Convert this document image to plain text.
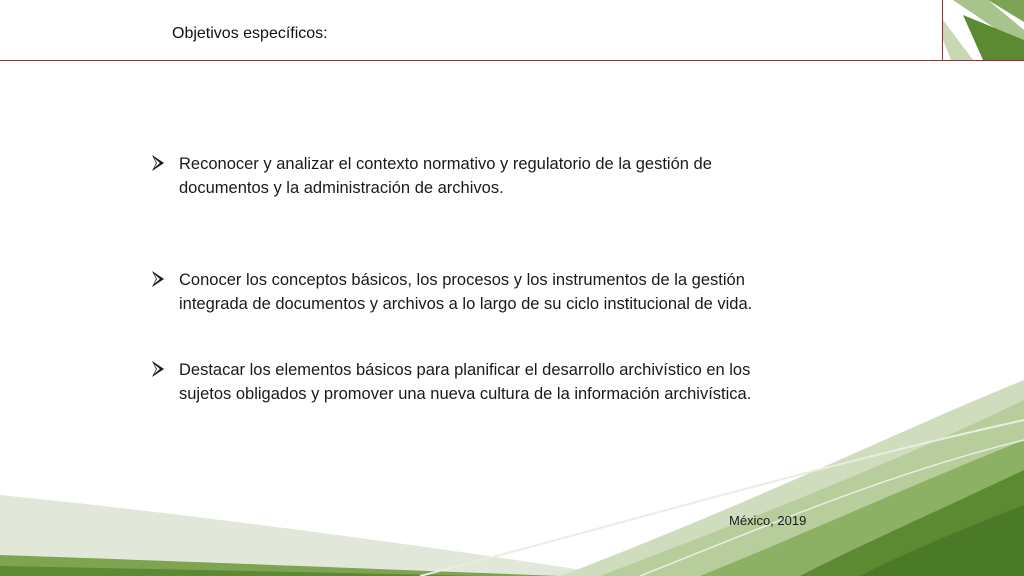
Objetivos específicos:
Reconocer y analizar el contexto normativo y regulatorio de la gestión de
documentos y la administración de archivos.
Conocer los conceptos básicos, los procesos y los instrumentos de la gestión
integrada de documentos y archivos a lo largo de su ciclo institucional de vida.
Destacar los elementos básicos para planificar el desarrollo archivístico en los
sujetos obligados y promover una nueva cultura de la información archivística.
México, 2019
